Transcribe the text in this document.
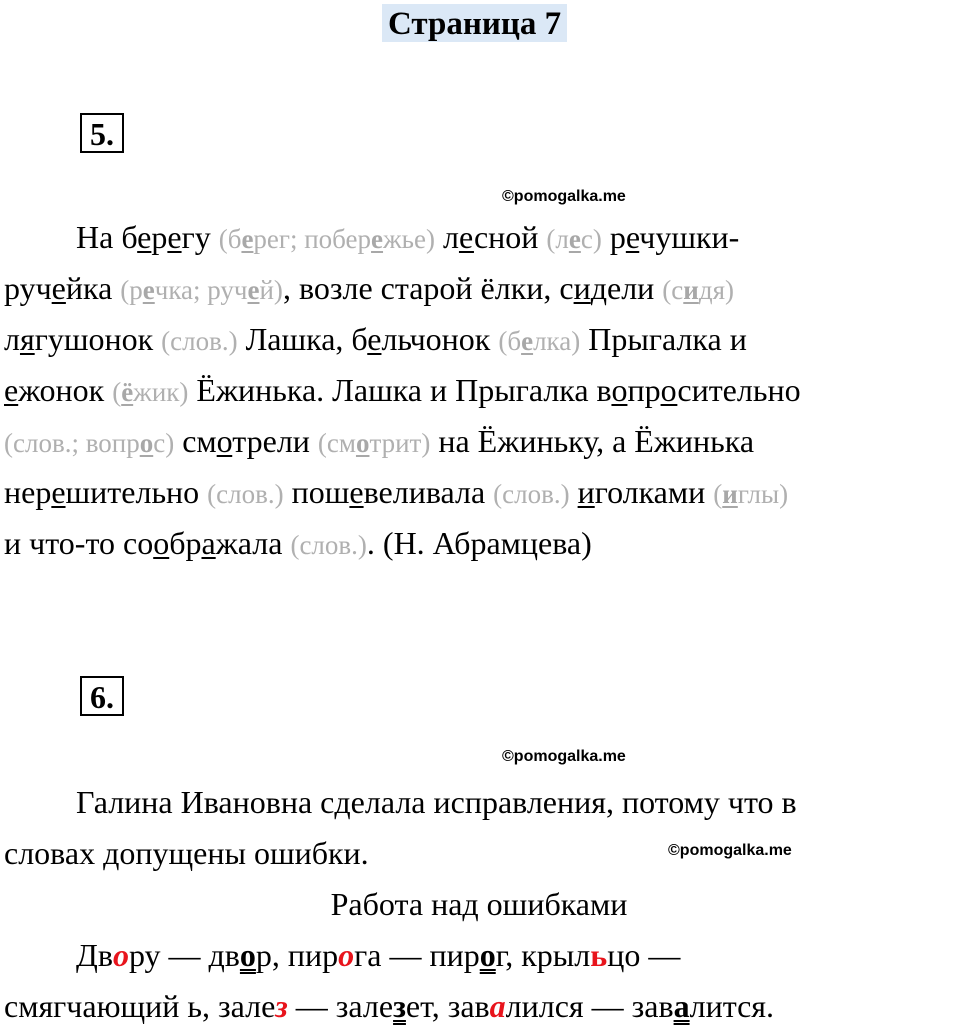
Страница 7
5.
©pomogalka.me
На берегу (берег; побережье) лесной (лес) речушки-
ручейка (речка; ручей), возле старой ёлки, сидели (сидя)
лягушонок (слов.) Лашка, бельчонок (белка) Прыгалка и
ежонок (ёжик) Ёжинька. Лашка и Прыгалка вопросительно
(слов.; вопрос) смотрели (смотрит) на Ёжиньку, а Ёжинька
нерешительно (слов.) пошевеливала (слов.) иголками (иглы)
и что-то соображала (слов.). (Н. Абрамцева)
6.
©pomogalka.me
©pomogalka.me
Галина Ивановна сделала исправления, потому что в
словах допущены ошибки.
Работа над ошибками
Двору — двор, пирога — пирог, крыльцо —
смягчающий ь, залез — залезет, завалился — завалится.
